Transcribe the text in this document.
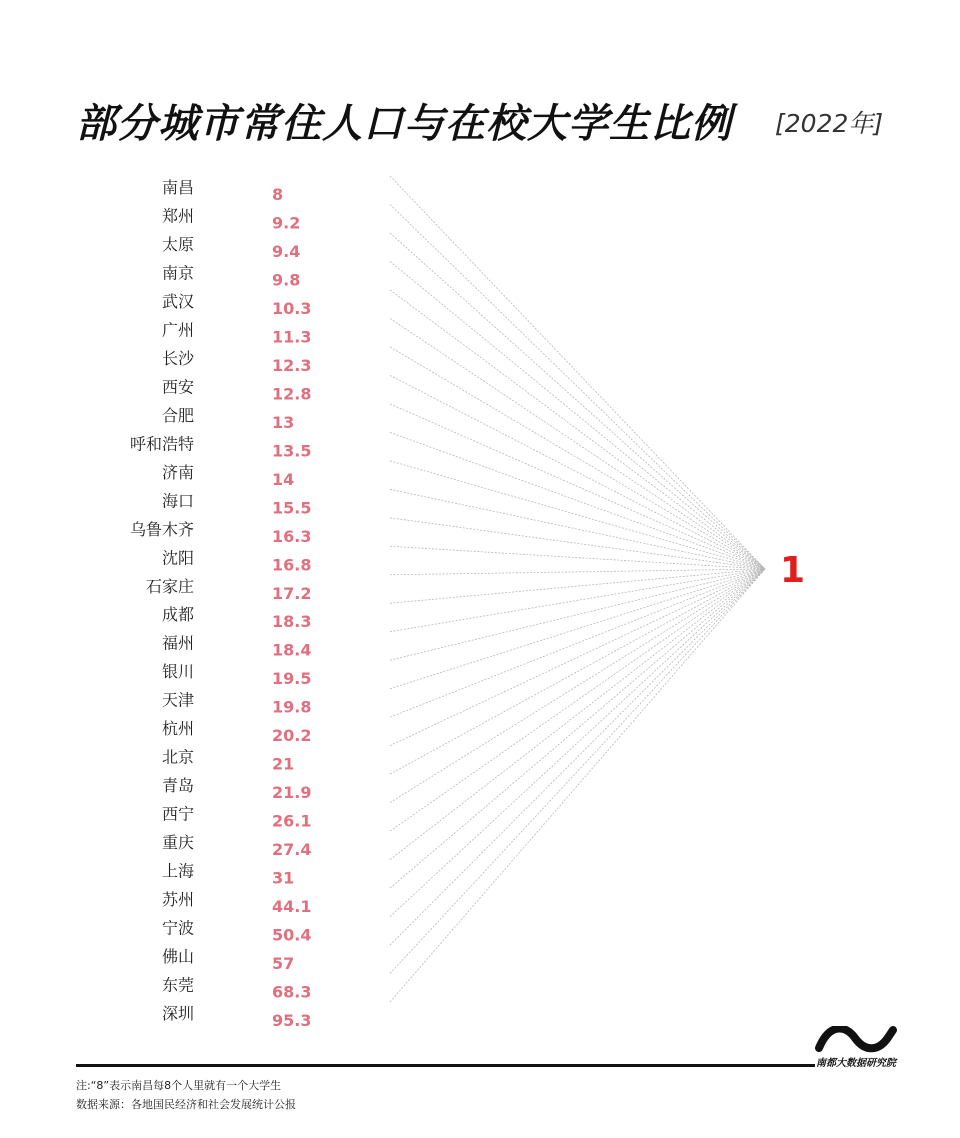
部分城市常住人口与在校大学生比例 [2022年]
南昌
郑州
太原
南京
武汉
广州
长沙
西安
合肥
呼和浩特
济南
海口
乌鲁木齐
沈阳
石家庄
成都
福州
银川
天津
杭州
北京
青岛
西宁
重庆
上海
苏州
宁波
佛山
东莞
深圳
8
9.2
9.4
9.8
10.3
11.3
12.3
12.8
13
13.5
14
15.5
16.3
16.8
17.2
18.3
18.4
19.5
19.8
20.2
21
21.9
26.1
27.4
31
44.1
50.4
57
68.3
95.3
1
南都大数据研究院
注:“8”表示南昌每8个人里就有一个大学生
数据来源：各地国民经济和社会发展统计公报
